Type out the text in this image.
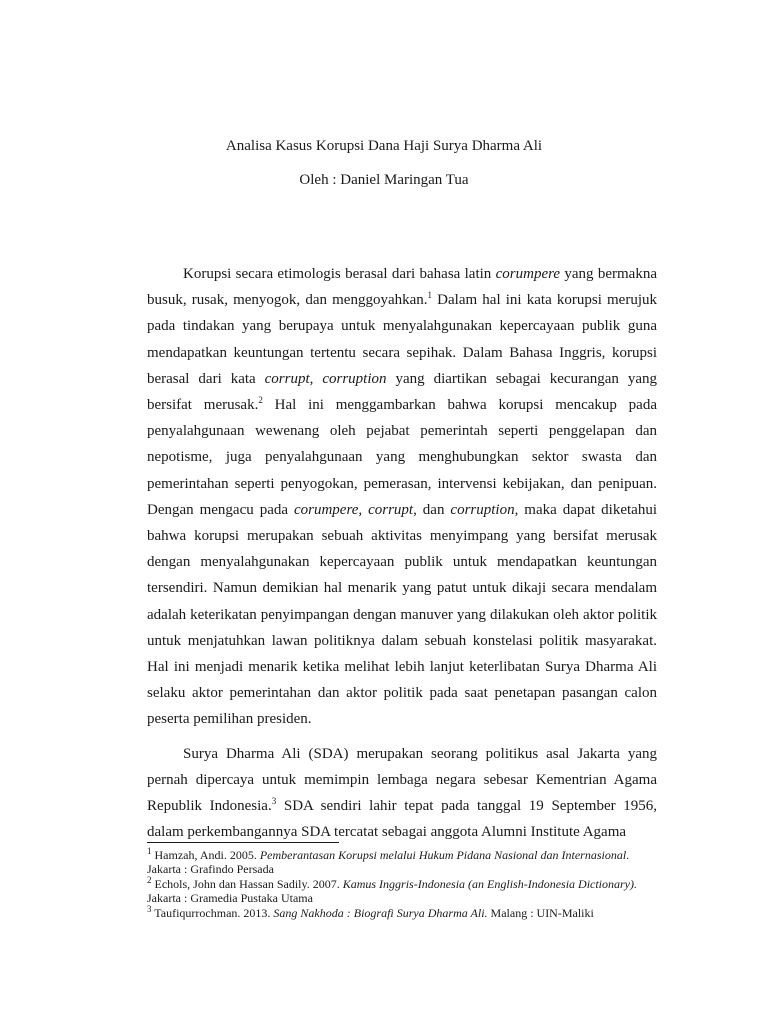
Analisa Kasus Korupsi Dana Haji Surya Dharma Ali
Oleh : Daniel Maringan Tua

Korupsi secara etimologis berasal dari bahasa latin corumpere yang bermakna busuk, rusak, menyogok, dan menggoyahkan.$^1$ Dalam hal ini kata korupsi merujuk pada tindakan yang berupaya untuk menyalahgunakan kepercayaan publik guna mendapatkan keuntungan tertentu secara sepihak. Dalam Bahasa Inggris, korupsi berasal dari kata corrupt, corruption yang diartikan sebagai kecurangan yang bersifat merusak.$^2$ Hal ini menggambarkan bahwa korupsi mencakup pada penyalahgunaan wewenang oleh pejabat pemerintah seperti penggelapan dan nepotisme, juga penyalahgunaan yang menghubungkan sektor swasta dan pemerintahan seperti penyogokan, pemerasan, intervensi kebijakan, dan penipuan. Dengan mengacu pada corumpere, corrupt, dan corruption, maka dapat diketahui bahwa korupsi merupakan sebuah aktivitas menyimpang yang bersifat merusak dengan menyalahgunakan kepercayaan publik untuk mendapatkan keuntungan tersendiri. Namun demikian hal menarik yang patut untuk dikaji secara mendalam adalah keterikatan penyimpangan dengan manuver yang dilakukan oleh aktor politik untuk menjatuhkan lawan politiknya dalam sebuah konstelasi politik masyarakat. Hal ini menjadi menarik ketika melihat lebih lanjut keterlibatan Surya Dharma Ali selaku aktor pemerintahan dan aktor politik pada saat penetapan pasangan calon peserta pemilihan presiden.

Surya Dharma Ali (SDA) merupakan seorang politikus asal Jakarta yang pernah dipercaya untuk memimpin lembaga negara sebesar Kementrian Agama Republik Indonesia.$^3$ SDA sendiri lahir tepat pada tanggal 19 September 1956, dalam perkembangannya SDA tercatat sebagai anggota Alumni Institute Agama

$^1$ Hamzah, Andi. 2005. Pemberantasan Korupsi melalui Hukum Pidana Nasional dan Internasional. Jakarta : Grafindo Persada
$^2$ Echols, John dan Hassan Sadily. 2007. Kamus Inggris-Indonesia (an English-Indonesia Dictionary). Jakarta : Gramedia Pustaka Utama
$^3$ Taufiqurrochman. 2013. Sang Nakhoda : Biografi Surya Dharma Ali. Malang : UIN-Maliki
